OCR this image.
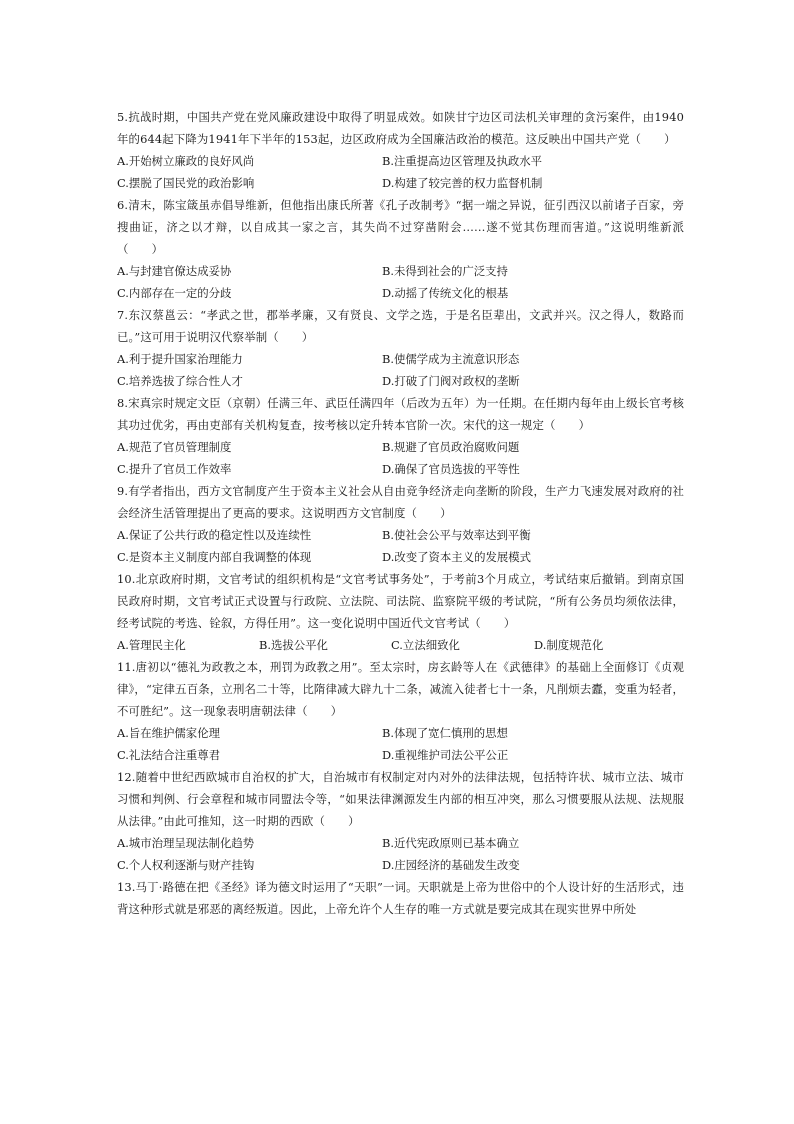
5.抗战时期，中国共产党在党风廉政建设中取得了明显成效。如陕甘宁边区司法机关审理的贪污案件，由1940年的644起下降为1941年下半年的153起，边区政府成为全国廉洁政治的模范。这反映出中国共产党（　　）

A.开始树立廉政的良好风尚	B.注重提高边区管理及执政水平
C.摆脱了国民党的政治影响	D.构建了较完善的权力监督机制

6.清末，陈宝箴虽赤倡导维新，但他指出康氏所著《孔子改制考》“据一端之异说，征引西汉以前诸子百家，旁搜曲证，济之以才辩，以自成其一家之言，其失尚不过穿凿附会……遂不觉其伤理而害道。”这说明维新派（　　）

A.与封建官僚达成妥协	B.未得到社会的广泛支持
C.内部存在一定的分歧	D.动摇了传统文化的根基

7.东汉蔡邕云：“孝武之世，郡举孝廉，又有贤良、文学之选，于是名臣辈出，文武并兴。汉之得人，数路而已。”这可用于说明汉代察举制（　　）

A.利于提升国家治理能力	B.使儒学成为主流意识形态
C.培养选拔了综合性人才	D.打破了门阀对政权的垄断

8.宋真宗时规定文臣（京朝）任满三年、武臣任满四年（后改为五年）为一任期。在任期内每年由上级长官考核其功过优劣，再由吏部有关机构复查，按考核以定升转本官阶一次。宋代的这一规定（　　）

A.规范了官员管理制度	B.规避了官员政治腐败问题
C.提升了官员工作效率	D.确保了官员选拔的平等性

9.有学者指出，西方文官制度产生于资本主义社会从自由竞争经济走向垄断的阶段，生产力飞速发展对政府的社会经济生活管理提出了更高的要求。这说明西方文官制度（　　）

A.保证了公共行政的稳定性以及连续性	B.使社会公平与效率达到平衡
C.是资本主义制度内部自我调整的体现	D.改变了资本主义的发展模式

10.北京政府时期，文官考试的组织机构是“文官考试事务处”，于考前3个月成立，考试结束后撤销。到南京国民政府时期，文官考试正式设置与行政院、立法院、司法院、监察院平级的考试院，“所有公务员均须依法律，经考试院的考选、铨叙，方得任用”。这一变化说明中国近代文官考试（　　）

A.管理民主化	B.选拔公平化	C.立法细致化	D.制度规范化

11.唐初以“德礼为政教之本，刑罚为政教之用”。至太宗时，房玄龄等人在《武德律》的基础上全面修订《贞观律》，“定律五百条，立刑名二十等，比隋律减大辟九十二条，减流入徒者七十一条，凡削烦去蠹，变重为轻者，不可胜纪”。这一现象表明唐朝法律（　　）

A.旨在维护儒家伦理	B.体现了宽仁慎刑的思想
C.礼法结合注重尊君	D.重视维护司法公平公正

12.随着中世纪西欧城市自治权的扩大，自治城市有权制定对内对外的法律法规，包括特许状、城市立法、城市习惯和判例、行会章程和城市同盟法令等，“如果法律渊源发生内部的相互冲突，那么习惯要服从法规、法规服从法律。”由此可推知，这一时期的西欧（　　）

A.城市治理呈现法制化趋势	B.近代宪政原则已基本确立
C.个人权利逐渐与财产挂钩	D.庄园经济的基础发生改变

13.马丁·路德在把《圣经》译为德文时运用了“天职”一词。天职就是上帝为世俗中的个人设计好的生活形式，违背这种形式就是邪恶的离经叛道。因此，上帝允许个人生存的唯一方式就是要完成其在现实世界中所处
